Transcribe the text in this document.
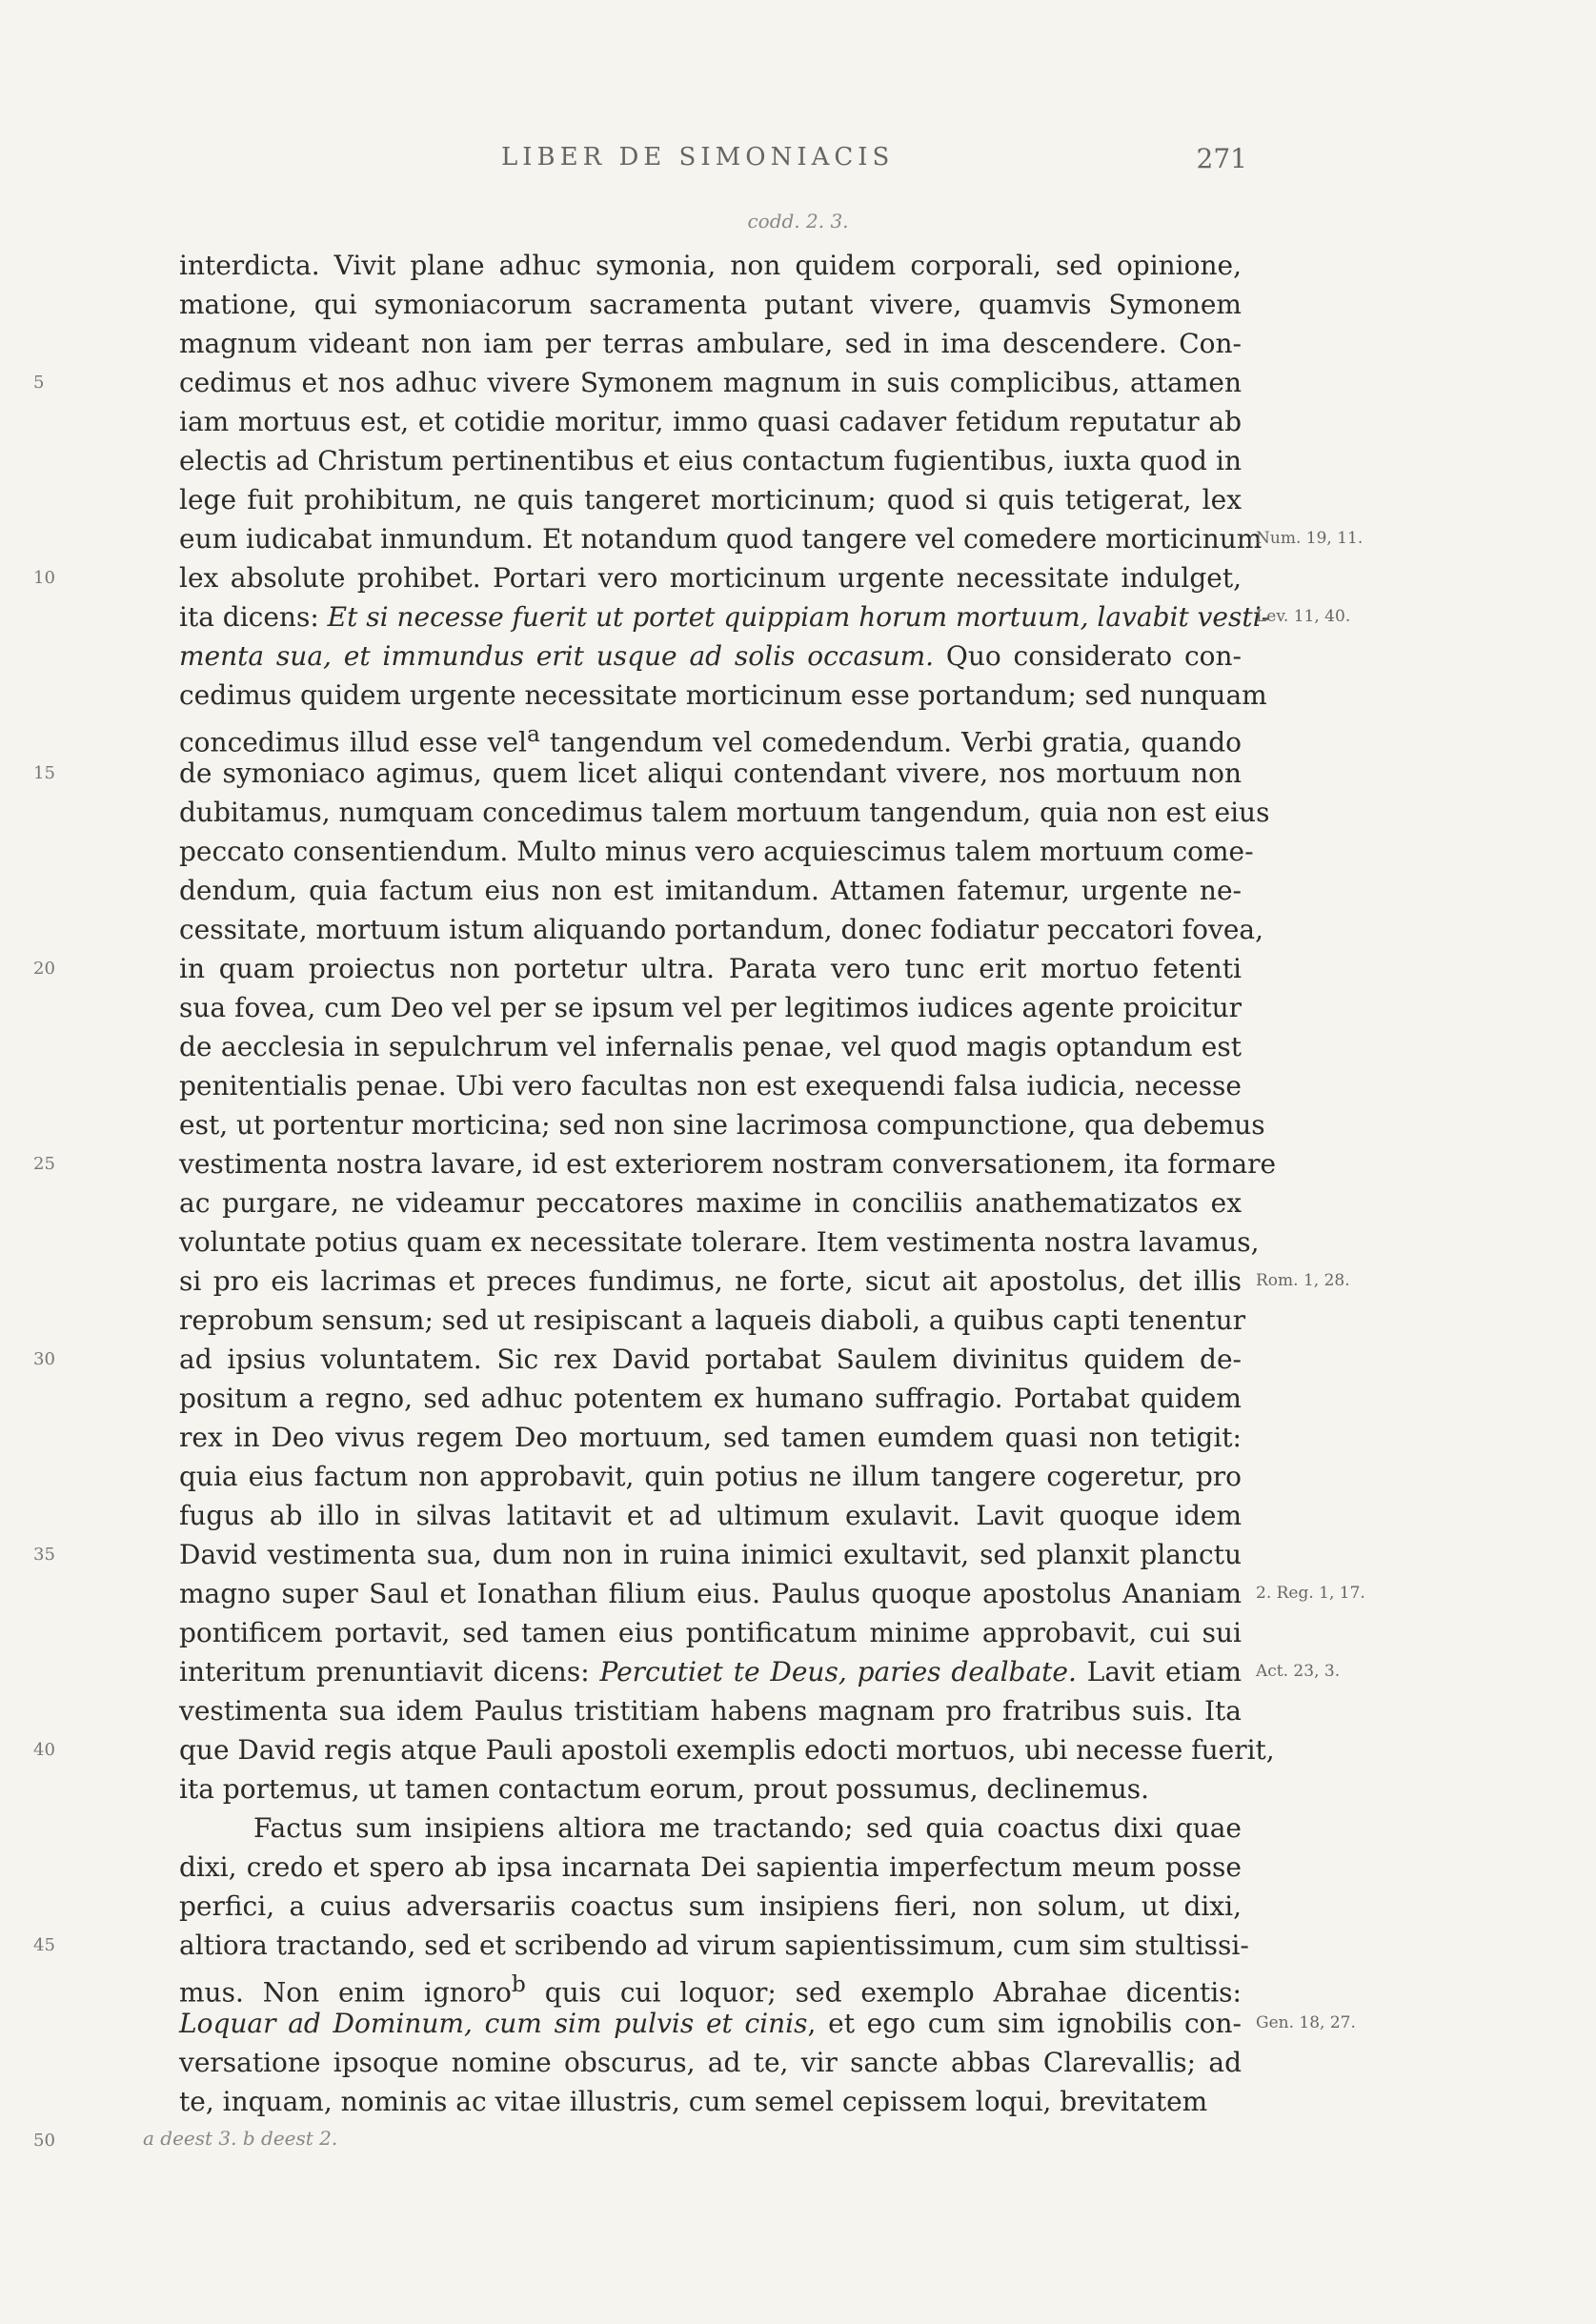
LIBER DE SIMONIACIS	271
codd. 2. 3.
interdicta. Vivit plane adhuc symonia, non quidem corporali, sed opinione,
matione, qui symoniacorum sacramenta putant vivere, quamvis Symonem
magnum videant non iam per terras ambulare, sed in ima descendere. Con-
cedimus et nos adhuc vivere Symonem magnum in suis complicibus, attamen
iam mortuus est, et cotidie moritur, immo quasi cadaver fetidum reputatur ab
electis ad Christum pertinentibus et eius contactum fugientibus, iuxta quod in
lege fuit prohibitum, ne quis tangeret morticinum; quod si quis tetigerat, lex
eum iudicabat inmundum. Et notandum quod tangere vel comedere morticinum
lex absolute prohibet. Portari vero morticinum urgente necessitate indulget,
ita dicens: Et si necesse fuerit ut portet quippiam horum mortuum, lavabit vesti-
menta sua, et immundus erit usque ad solis occasum. Quo considerato con-
cedimus quidem urgente necessitate morticinum esse portandum; sed nunquam
concedimus illud esse vel$^a$ tangendum vel comedendum. Verbi gratia, quando
de symoniaco agimus, quem licet aliqui contendant vivere, nos mortuum non
dubitamus, numquam concedimus talem mortuum tangendum, quia non est eius
peccato consentiendum. Multo minus vero acquiescimus talem mortuum come-
dendum, quia factum eius non est imitandum. Attamen fatemur, urgente ne-
cessitate, mortuum istum aliquando portandum, donec fodiatur peccatori fovea,
in quam proiectus non portetur ultra. Parata vero tunc erit mortuo fetenti
sua fovea, cum Deo vel per se ipsum vel per legitimos iudices agente proicitur
de aecclesia in sepulchrum vel infernalis penae, vel quod magis optandum est
penitentialis penae. Ubi vero facultas non est exequendi falsa iudicia, necesse
est, ut portentur morticina; sed non sine lacrimosa compunctione, qua debemus
vestimenta nostra lavare, id est exteriorem nostram conversationem, ita formare
ac purgare, ne videamur peccatores maxime in conciliis anathematizatos ex
voluntate potius quam ex necessitate tolerare. Item vestimenta nostra lavamus,
si pro eis lacrimas et preces fundimus, ne forte, sicut ait apostolus, det illis
reprobum sensum; sed ut resipiscant a laqueis diaboli, a quibus capti tenentur
ad ipsius voluntatem. Sic rex David portabat Saulem divinitus quidem de-
positum a regno, sed adhuc potentem ex humano suffragio. Portabat quidem
rex in Deo vivus regem Deo mortuum, sed tamen eumdem quasi non tetigit:
quia eius factum non approbavit, quin potius ne illum tangere cogeretur, pro
fugus ab illo in silvas latitavit et ad ultimum exulavit. Lavit quoque idem
David vestimenta sua, dum non in ruina inimici exultavit, sed planxit planctu
magno super Saul et Ionathan filium eius. Paulus quoque apostolus Ananiam
pontificem portavit, sed tamen eius pontificatum minime approbavit, cui sui
interitum prenuntiavit dicens: Percutiet te Deus, paries dealbate. Lavit etiam
vestimenta sua idem Paulus tristitiam habens magnam pro fratribus suis. Ita
que David regis atque Pauli apostoli exemplis edocti mortuos, ubi necesse fuerit,
ita portemus, ut tamen contactum eorum, prout possumus, declinemus.
Factus sum insipiens altiora me tractando; sed quia coactus dixi quae
dixi, credo et spero ab ipsa incarnata Dei sapientia imperfectum meum posse
perfici, a cuius adversariis coactus sum insipiens fieri, non solum, ut dixi,
altiora tractando, sed et scribendo ad virum sapientissimum, cum sim stultissi-
mus. Non enim ignoro$^b$ quis cui loquor; sed exemplo Abrahae dicentis:
Loquar ad Dominum, cum sim pulvis et cinis, et ego cum sim ignobilis con-
versatione ipsoque nomine obscurus, ad te, vir sancte abbas Clarevallis; ad
te, inquam, nominis ac vitae illustris, cum semel cepissem loqui, brevitatem
5
10
15
20
25
30
35
40
45
50
Num. 19, 11.
Lev. 11, 40.
Rom. 1, 28.
2. Reg. 1, 17.
Act. 23, 3.
Gen. 18, 27.
a deest 3. b deest 2.
